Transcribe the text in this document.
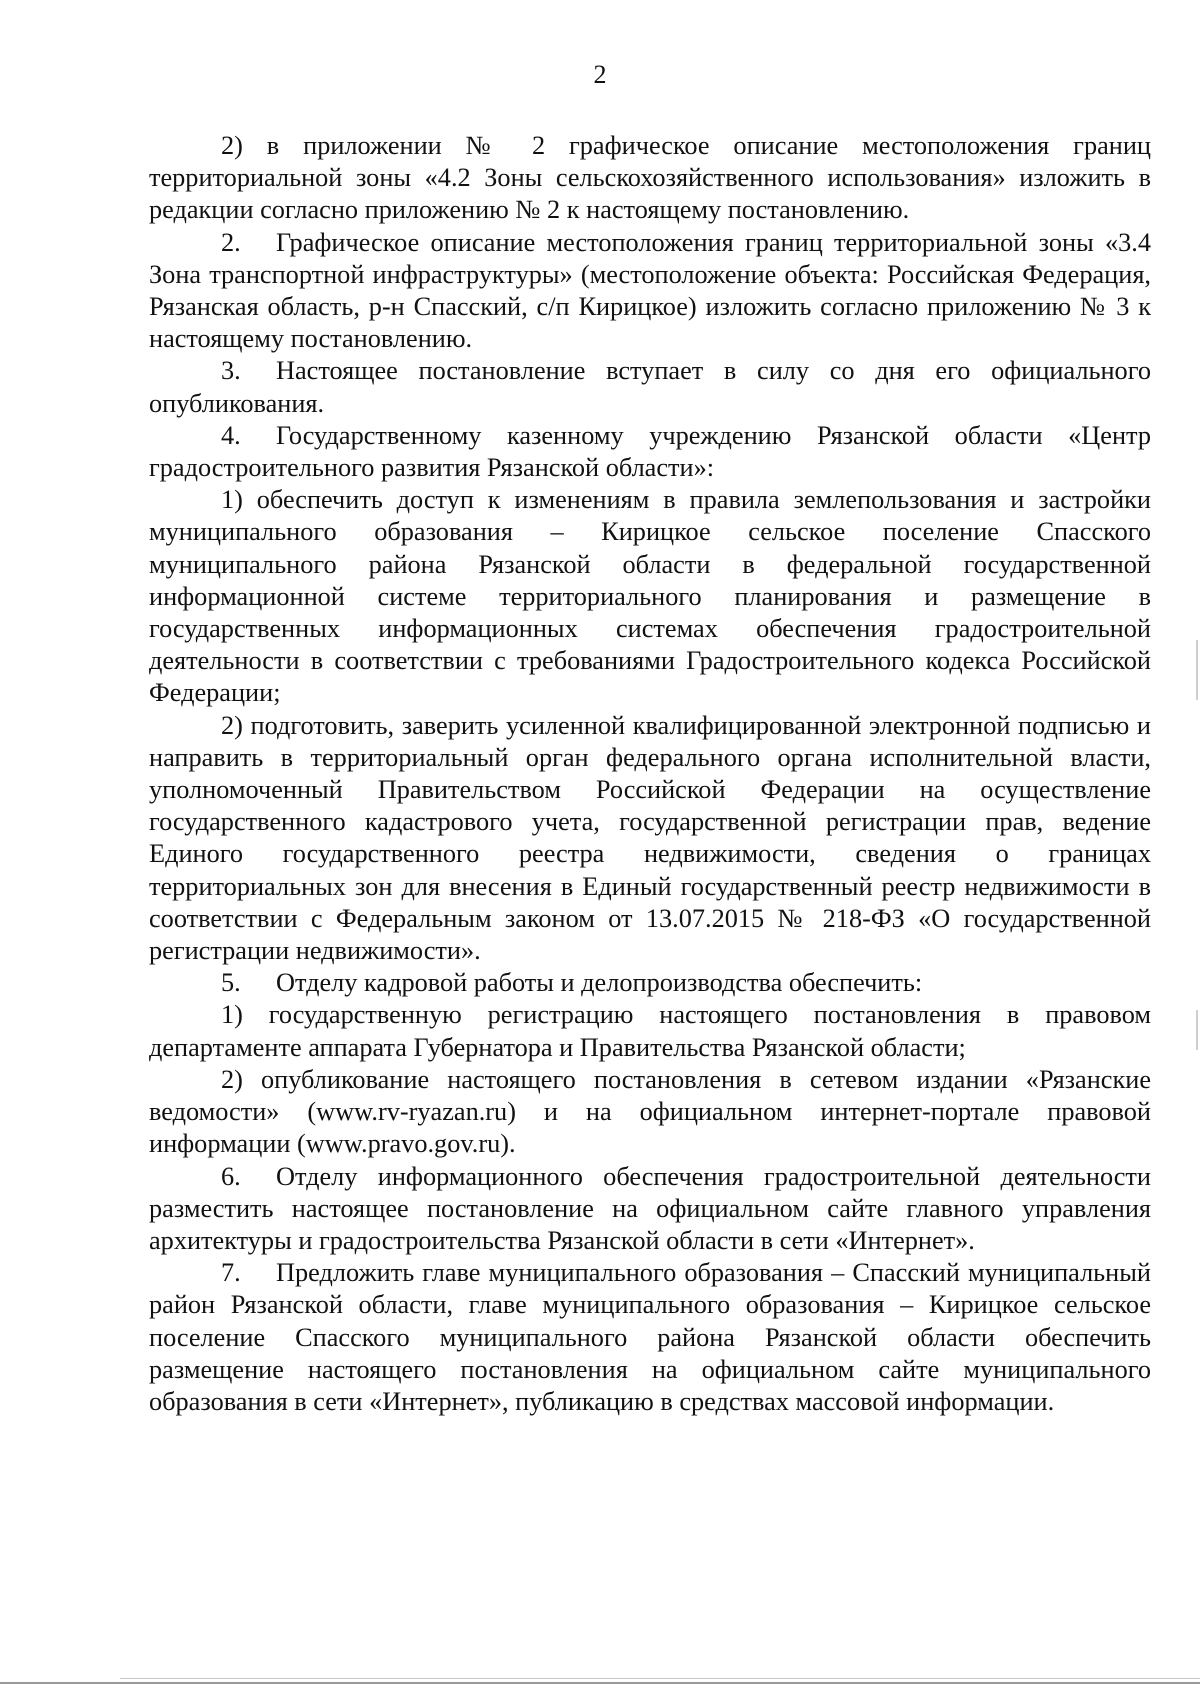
2

2) в приложении № 2 графическое описание местоположения границ территориальной зоны «4.2 Зоны сельскохозяйственного использования» изложить в редакции согласно приложению № 2 к настоящему постановлению.

2. Графическое описание местоположения границ территориальной зоны «3.4 Зона транспортной инфраструктуры» (местоположение объекта: Российская Федерация, Рязанская область, р-н Спасский, с/п Кирицкое) изложить согласно приложению № 3 к настоящему постановлению.

3. Настоящее постановление вступает в силу со дня его официального опубликования.

4. Государственному казенному учреждению Рязанской области «Центр градостроительного развития Рязанской области»:

1) обеспечить доступ к изменениям в правила землепользования и застройки муниципального образования – Кирицкое сельское поселение Спасского муниципального района Рязанской области в федеральной государственной информационной системе территориального планирования и размещение в государственных информационных системах обеспечения градостроительной деятельности в соответствии с требованиями Градостроительного кодекса Российской Федерации;

2) подготовить, заверить усиленной квалифицированной электронной подписью и направить в территориальный орган федерального органа исполнительной власти, уполномоченный Правительством Российской Федерации на осуществление государственного кадастрового учета, государственной регистрации прав, ведение Единого государственного реестра недвижимости, сведения о границах территориальных зон для внесения в Единый государственный реестр недвижимости в соответствии с Федеральным законом от 13.07.2015 № 218-ФЗ «О государственной регистрации недвижимости».

5. Отделу кадровой работы и делопроизводства обеспечить:

1) государственную регистрацию настоящего постановления в правовом департаменте аппарата Губернатора и Правительства Рязанской области;

2) опубликование настоящего постановления в сетевом издании «Рязанские ведомости» (www.rv-ryazan.ru) и на официальном интернет-портале правовой информации (www.pravo.gov.ru).

6. Отделу информационного обеспечения градостроительной деятельности разместить настоящее постановление на официальном сайте главного управления архитектуры и градостроительства Рязанской области в сети «Интернет».

7. Предложить главе муниципального образования – Спасский муниципальный район Рязанской области, главе муниципального образования – Кирицкое сельское поселение Спасского муниципального района Рязанской области обеспечить размещение настоящего постановления на официальном сайте муниципального образования в сети «Интернет», публикацию в средствах массовой информации.
